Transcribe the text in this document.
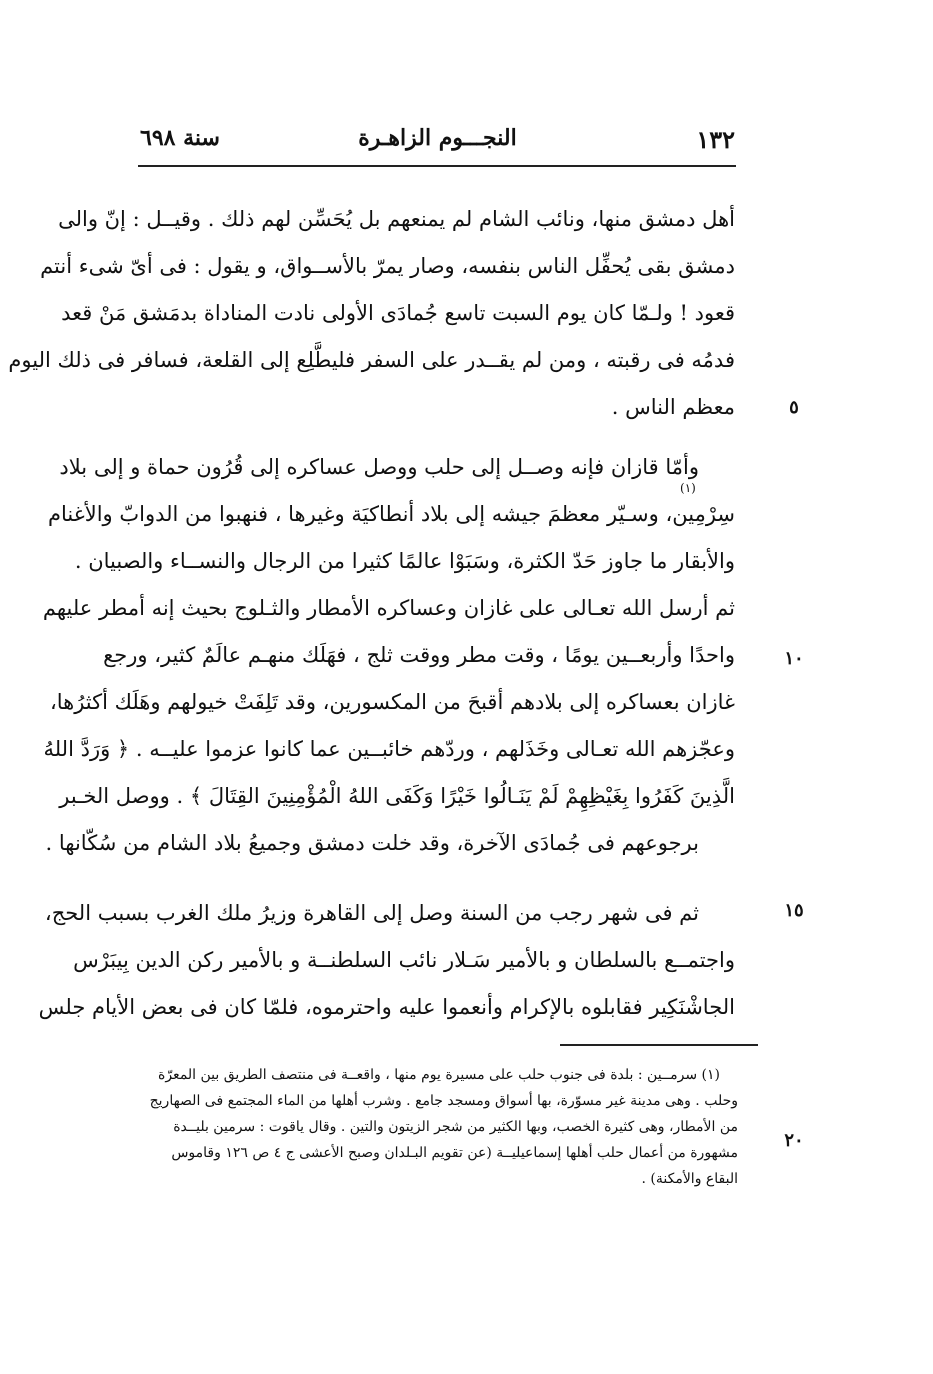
١٣٢
النجـــوم الزاهـرة
سنة ٦٩٨
أهل دمشق منها، ونائب الشام لم يمنعهم بل يُحَسِّن لهم ذلك . وقيــل : إنّ والى
دمشق بقى يُحفِّل الناس بنفسه، وصار يمرّ بالأســواق، و يقول : فى أىّ شىء أنتم
قعود ! ولـمّا كان يوم السبت تاسع جُمادَى الأولى نادت المناداة بدمَشق مَنْ قعد
فدمُه فى رقبته ، ومن لم يقــدر على السفر فليطَّلِع إلى القلعة، فسافر فى ذلك اليوم
معظم الناس .
وأمّا قازان فإنه وصــل إلى حلب ووصل عساكره إلى قُرُون حماة و إلى بلاد
سِرْمِين، وسـيّر معظمَ جيشه إلى بلاد أنطاكيَة وغيرها ، فنهبوا من الدوابّ والأغنام
والأبقار ما جاوز حَدّ الكثرة، وسَبَوْا عالمًا كثيرا من الرجال والنســاء والصبيان .
ثم أرسل الله تعـالى على غازان وعساكره الأمطار والثـلوج بحيث إنه أمطر عليهم
واحدًا وأربعــين يومًا ، وقت مطر ووقت ثلج ، فهَلَك منهـم عالَمٌ كثير، ورجع
غازان بعساكره إلى بلادهم أقبحَ من المكسورين، وقد تَلِفَتْ خيولهم وهَلَك أكثرُها،
وعجّزهم الله تعـالى وخَذَلهم ، وردّهم خائبــين عما كانوا عزموا عليــه . ﴿ وَرَدَّ اللهُ
الَّذِينَ كَفَرُوا بِغَيْظِهِمْ لَمْ يَنَـالُوا خَيْرًا وَكَفَى اللهُ الْمُؤْمِنِينَ القِتَالَ ﴾ . ووصل الخـبر
برجوعهم فى جُمادَى الآخرة، وقد خلت دمشق وجميعُ بلاد الشام من سُكّانها .
ثم فى شهر رجب من السنة وصل إلى القاهرة وزيرُ ملك الغرب بسبب الحج،
واجتمــع بالسلطان و بالأمير سَـلار نائب السلطنــة و بالأمير ركن الدين بِيبَرْس
الجاشْنَكِير فقابلوه بالإكرام وأنعموا عليه واحترموه، فلمّا كان فى بعض الأيام جلس
٥
١٠
١٥
٢٠
(١)
(١) سرمــين : بلدة فى جنوب حلب على مسيرة يوم منها ، واقعــة فى منتصف الطريق بين المعرّة
وحلب . وهى مدينة غير مسوّرة، بها أسواق ومسجد جامع . وشرب أهلها من الماء المجتمع فى الصهاريج
من الأمطار، وهى كثيرة الخصب، وبها الكثير من شجر الزيتون والتين . وقال ياقوت : سرمين بليــدة
مشهورة من أعمال حلب أهلها إسماعيليــة (عن تقويم البـلدان وصبح الأعشى ج ٤ ص ١٢٦ وقاموس
البقاع والأمكنة) .
